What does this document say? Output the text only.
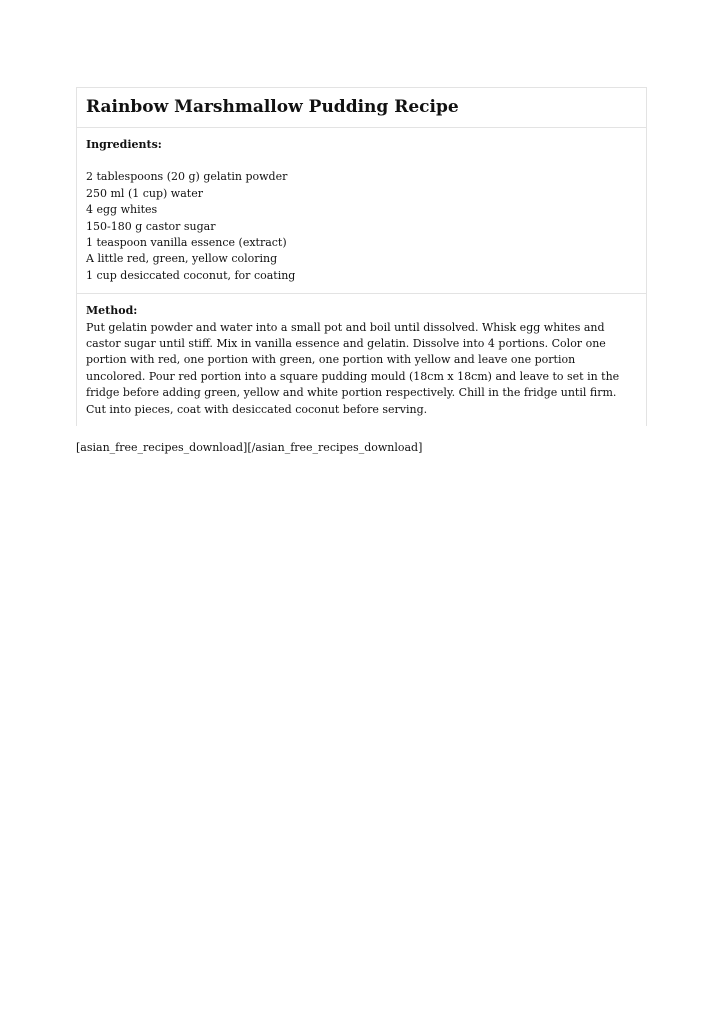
Rainbow Marshmallow Pudding Recipe
Ingredients:
2 tablespoons (20 g) gelatin powder
250 ml (1 cup) water
4 egg whites
150-180 g castor sugar
1 teaspoon vanilla essence (extract)
A little red, green, yellow coloring
1 cup desiccated coconut, for coating
Method:

Put gelatin powder and water into a small pot and boil until dissolved. Whisk egg whites and castor sugar until stiff. Mix in vanilla essence and gelatin. Dissolve into 4 portions. Color one portion with red, one portion with green, one portion with yellow and leave one portion uncolored. Pour red portion into a square pudding mould (18cm x 18cm) and leave to set in the fridge before adding green, yellow and white portion respectively. Chill in the fridge until firm. Cut into pieces, coat with desiccated coconut before serving.

[asian_free_recipes_download][/asian_free_recipes_download]
